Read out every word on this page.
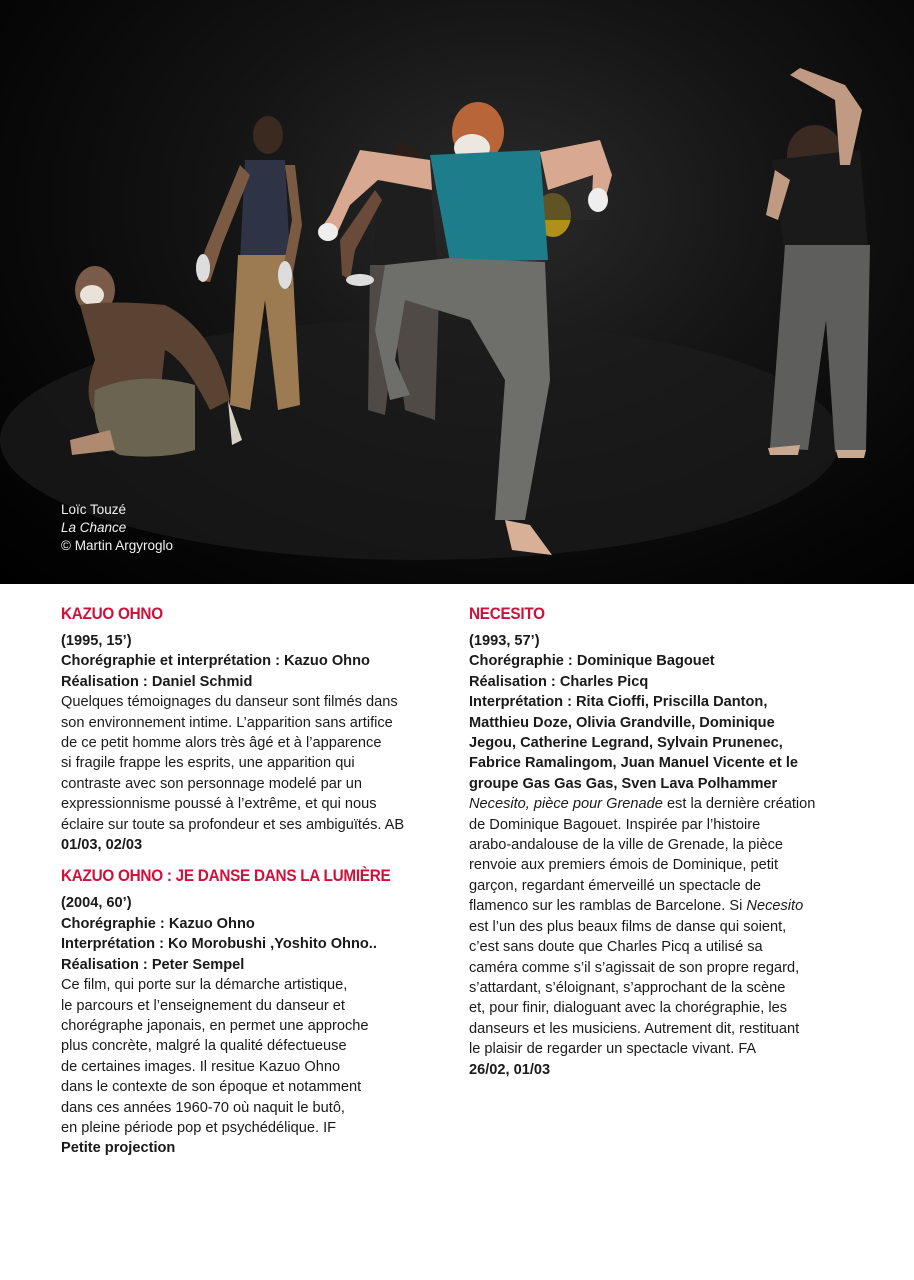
Loïc Touzé
La Chance
© Martin Argyroglo
KAZUO OHNO
(1995, 15’)
Chorégraphie et interprétation : Kazuo Ohno
Réalisation : Daniel Schmid
Quelques témoignages du danseur sont filmés dans
son environnement intime. L’apparition sans artifice
de ce petit homme alors très âgé et à l’apparence
si fragile frappe les esprits, une apparition qui
contraste avec son personnage modelé par un
expressionnisme poussé à l’extrême, et qui nous
éclaire sur toute sa profondeur et ses ambiguïtés. AB
01/03, 02/03
KAZUO OHNO : JE DANSE DANS LA LUMIÈRE
(2004, 60’)
Chorégraphie : Kazuo Ohno
Interprétation : Ko Morobushi ,Yoshito Ohno..
Réalisation : Peter Sempel
Ce film, qui porte sur la démarche artistique,
le parcours et l’enseignement du danseur et
chorégraphe japonais, en permet une approche
plus concrète, malgré la qualité défectueuse
de certaines images. Il resitue Kazuo Ohno
dans le contexte de son époque et notamment
dans ces années 1960-70 où naquit le butô,
en pleine période pop et psychédélique. IF
Petite projection
NECESITO
(1993, 57’)
Chorégraphie : Dominique Bagouet
Réalisation : Charles Picq
Interprétation : Rita Cioffi, Priscilla Danton,
Matthieu Doze, Olivia Grandville, Dominique
Jegou, Catherine Legrand, Sylvain Prunenec,
Fabrice Ramalingom, Juan Manuel Vicente et le
groupe Gas Gas Gas, Sven Lava Polhammer
Necesito, pièce pour Grenade est la dernière création
de Dominique Bagouet. Inspirée par l’histoire
arabo-andalouse de la ville de Grenade, la pièce
renvoie aux premiers émois de Dominique, petit
garçon, regardant émerveillé un spectacle de
flamenco sur les ramblas de Barcelone. Si Necesito
est l’un des plus beaux films de danse qui soient,
c’est sans doute que Charles Picq a utilisé sa
caméra comme s’il s’agissait de son propre regard,
s’attardant, s’éloignant, s’approchant de la scène
et, pour finir, dialoguant avec la chorégraphie, les
danseurs et les musiciens. Autrement dit, restituant
le plaisir de regarder un spectacle vivant. FA
26/02, 01/03
